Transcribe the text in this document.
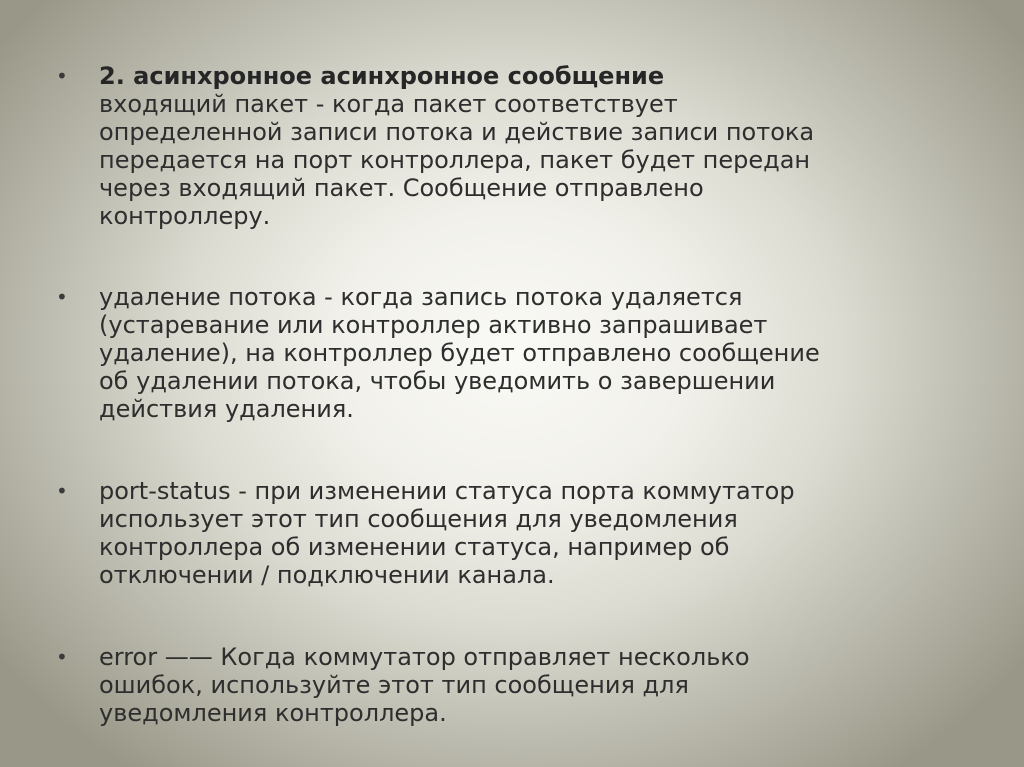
•	2. асинхронное асинхронное сообщение
входящий пакет - когда пакет соответствует
определенной записи потока и действие записи потока
передается на порт контроллера, пакет будет передан
через входящий пакет. Сообщение отправлено
контроллеру.
•	удаление потока - когда запись потока удаляется
(устаревание или контроллер активно запрашивает
удаление), на контроллер будет отправлено сообщение
об удалении потока, чтобы уведомить о завершении
действия удаления.
•	port-status - при изменении статуса порта коммутатор
использует этот тип сообщения для уведомления
контроллера об изменении статуса, например об
отключении / подключении канала.
•	error —— Когда коммутатор отправляет несколько
ошибок, используйте этот тип сообщения для
уведомления контроллера.
